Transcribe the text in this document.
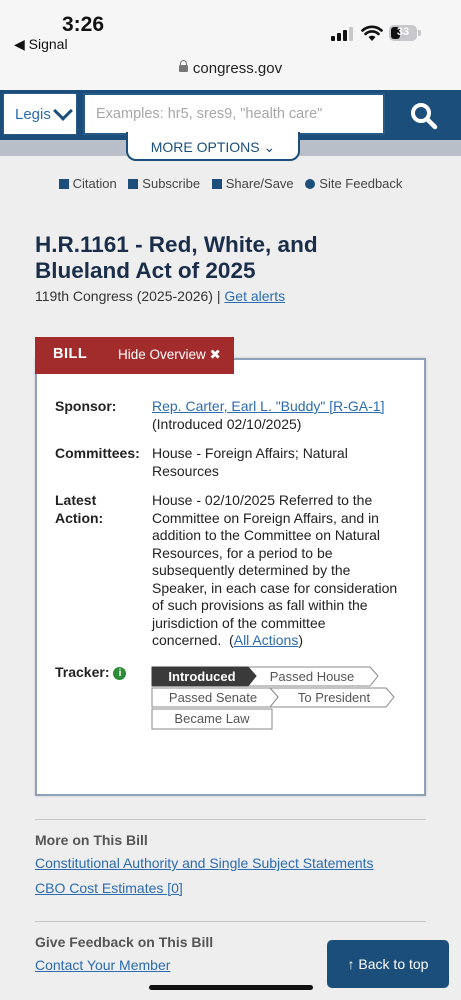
3:26
◀ Signal
33
congress.gov
Legis	Examples: hr5, sres9, "health care"
MORE OPTIONS ⌄
Citation Subscribe Share/Save Site Feedback
H.R.1161 - Red, White, and Blueland Act of 2025
119th Congress (2025-2026) | Get alerts
BILL Hide Overview ✖
Sponsor:	Rep. Carter, Earl L. "Buddy" [R-GA-1]
(Introduced 02/10/2025)
Committees: House - Foreign Affairs; Natural Resources
Latest Action:
House - 02/10/2025 Referred to the Committee on Foreign Affairs, and in addition to the Committee on Natural Resources, for a period to be subsequently determined by the Speaker, in each case for consideration of such provisions as fall within the jurisdiction of the committee concerned.  (All Actions)
Tracker: i	Introduced	Passed House
Passed Senate	To President
Became Law
More on This Bill
Constitutional Authority and Single Subject Statements
CBO Cost Estimates [0]
Give Feedback on This Bill
Contact Your Member	↑ Back to top
